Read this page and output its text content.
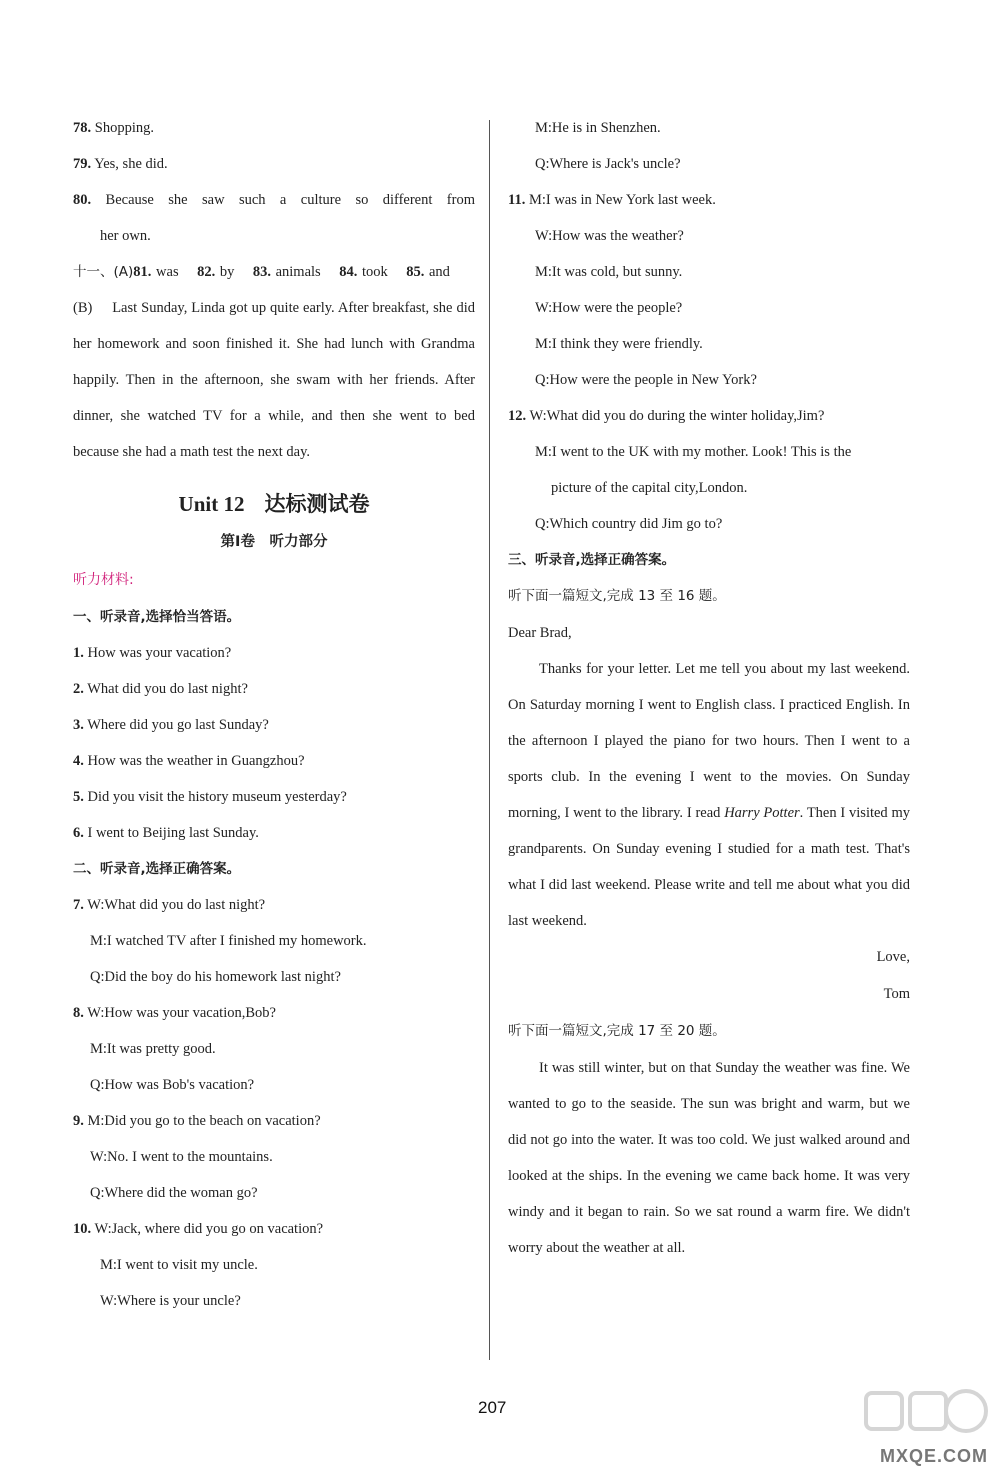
78. Shopping.

79. Yes, she did.

80. Because she saw such a culture so different from

her own.

十一、(A)81. was 82. by 83. animals 84. took 85. and

(B) Last Sunday, Linda got up quite early. After breakfast, she did her homework and soon finished it. She had lunch with Grandma happily. Then in the afternoon, she swam with her friends. After dinner, she watched TV for a while, and then she went to bed because she had a math test the next day.

Unit 12 达标测试卷
第Ⅰ卷　听力部分

听力材料:

一、听录音,选择恰当答语。

1. How was your vacation?

2. What did you do last night?

3. Where did you go last Sunday?

4. How was the weather in Guangzhou?

5. Did you visit the history museum yesterday?

6. I went to Beijing last Sunday.

二、听录音,选择正确答案。

7. W:What did you do last night?

M:I watched TV after I finished my homework.

Q:Did the boy do his homework last night?

8. W:How was your vacation,Bob?

M:It was pretty good.

Q:How was Bob's vacation?

9. M:Did you go to the beach on vacation?

W:No. I went to the mountains.

Q:Where did the woman go?

10. W:Jack, where did you go on vacation?

M:I went to visit my uncle.

W:Where is your uncle?

M:He is in Shenzhen.

Q:Where is Jack's uncle?

11. M:I was in New York last week.

W:How was the weather?

M:It was cold, but sunny.

W:How were the people?

M:I think they were friendly.

Q:How were the people in New York?

12. W:What did you do during the winter holiday,Jim?

M:I went to the UK with my mother. Look! This is the

picture of the capital city,London.

Q:Which country did Jim go to?

三、听录音,选择正确答案。

听下面一篇短文,完成 13 至 16 题。

Dear Brad,

Thanks for your letter. Let me tell you about my last weekend. On Saturday morning I went to English class. I practiced English. In the afternoon I played the piano for two hours. Then I went to a sports club. In the evening I went to the movies. On Sunday morning, I went to the library. I read Harry Potter. Then I visited my grandparents. On Sunday evening I studied for a math test. That's what I did last weekend. Please write and tell me about what you did last weekend.

Love,

Tom

听下面一篇短文,完成 17 至 20 题。

It was still winter, but on that Sunday the weather was fine. We wanted to go to the seaside. The sun was bright and warm, but we did not go into the water. It was too cold. We just walked around and looked at the ships. In the evening we came back home. It was very windy and it began to rain. So we sat round a warm fire. We didn't worry about the weather at all.

207
MXQE.COM
